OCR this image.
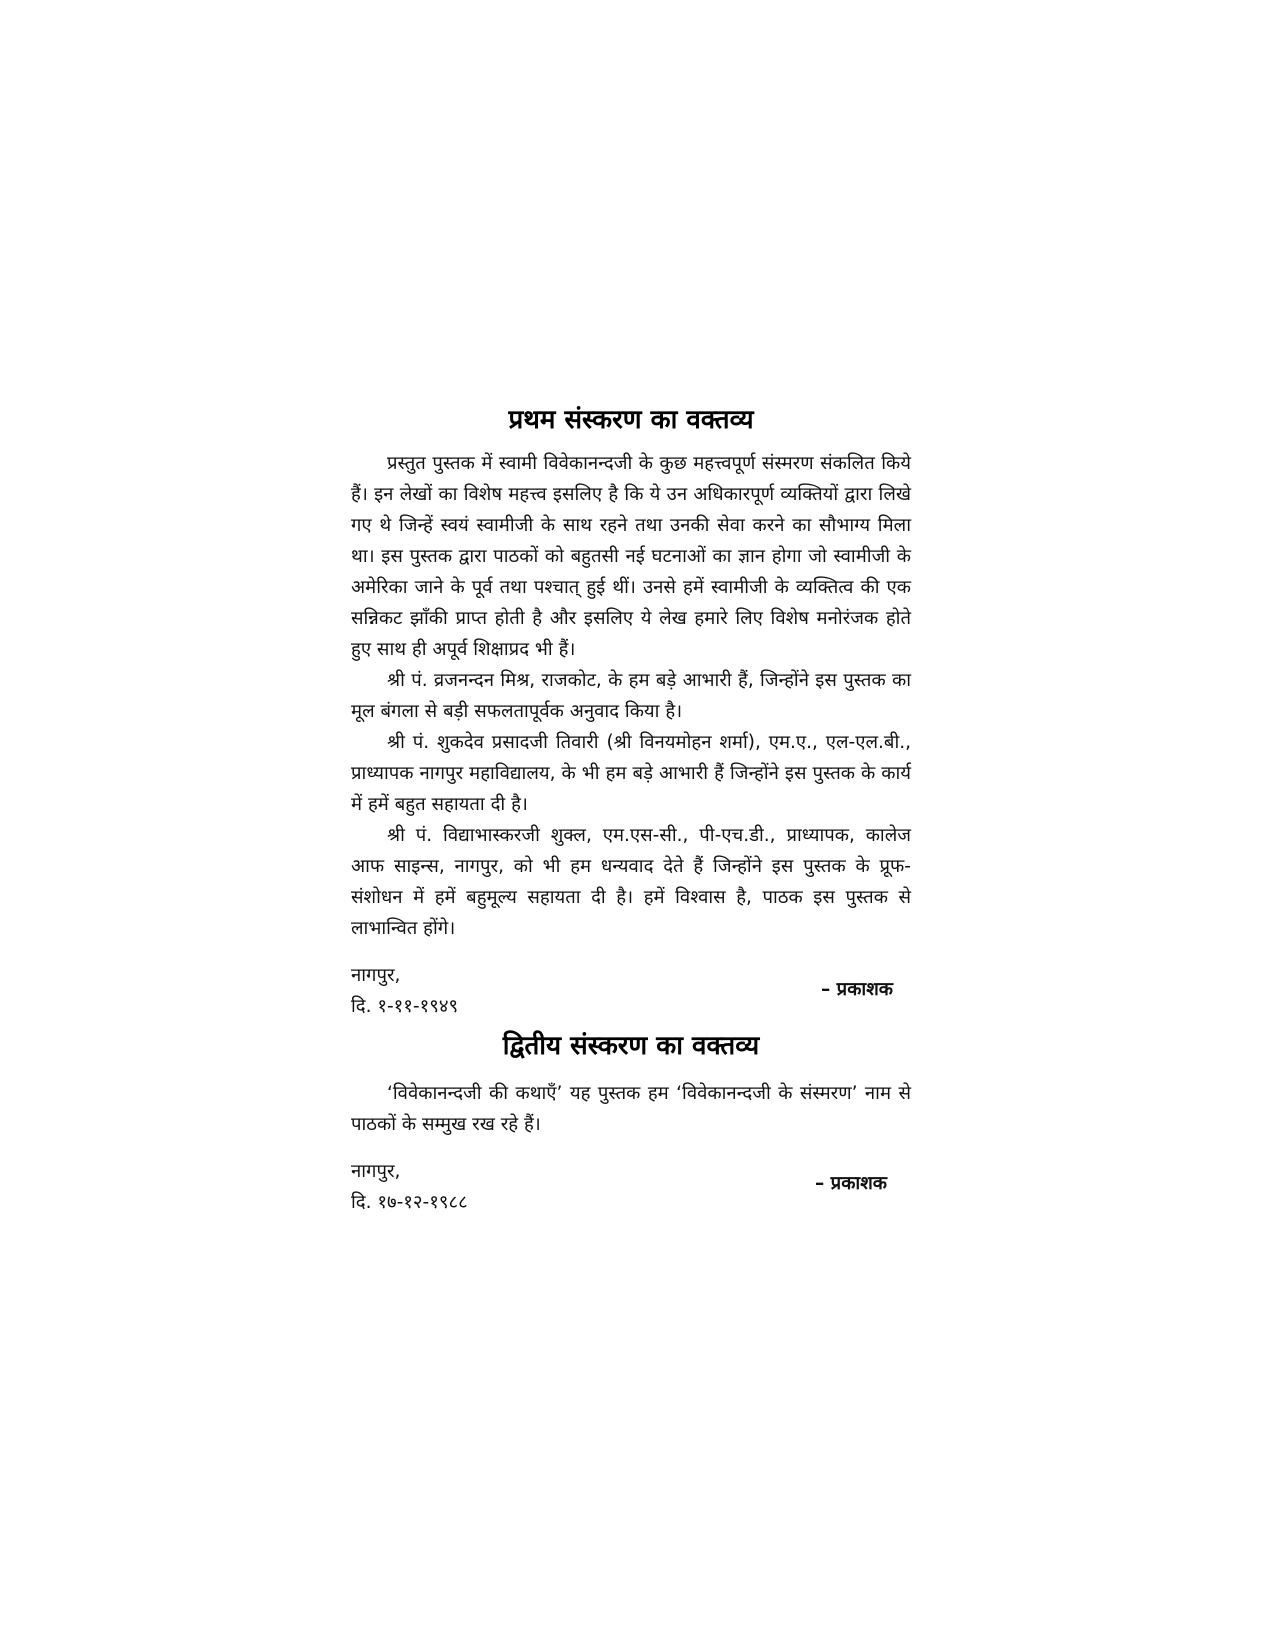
प्रथम संस्करण का वक्तव्य

प्रस्तुत पुस्तक में स्वामी विवेकानन्दजी के कुछ महत्त्वपूर्ण संस्मरण संकलित किये हैं। इन लेखों का विशेष महत्त्व इसलिए है कि ये उन अधिकारपूर्ण व्यक्तियों द्वारा लिखे गए थे जिन्हें स्वयं स्वामीजी के साथ रहने तथा उनकी सेवा करने का सौभाग्य मिला था। इस पुस्तक द्वारा पाठकों को बहुतसी नई घटनाओं का ज्ञान होगा जो स्वामीजी के अमेरिका जाने के पूर्व तथा पश्चात् हुई थीं। उनसे हमें स्वामीजी के व्यक्तित्व की एक सन्निकट झाँकी प्राप्त होती है और इसलिए ये लेख हमारे लिए विशेष मनोरंजक होते हुए साथ ही अपूर्व शिक्षाप्रद भी हैं।

श्री पं. व्रजनन्दन मिश्र, राजकोट, के हम बड़े आभारी हैं, जिन्होंने इस पुस्तक का मूल बंगला से बड़ी सफलतापूर्वक अनुवाद किया है।

श्री पं. शुकदेव प्रसादजी तिवारी (श्री विनयमोहन शर्मा), एम.ए., एल-एल.बी., प्राध्यापक नागपुर महाविद्यालय, के भी हम बड़े आभारी हैं जिन्होंने इस पुस्तक के कार्य में हमें बहुत सहायता दी है।

श्री पं. विद्याभास्करजी शुक्ल, एम.एस-सी., पी-एच.डी., प्राध्यापक, कालेज आफ साइन्स, नागपुर, को भी हम धन्यवाद देते हैं जिन्होंने इस पुस्तक के प्रूफ-संशोधन में हमें बहुमूल्य सहायता दी है। हमें विश्वास है, पाठक इस पुस्तक से लाभान्वित होंगे।

नागपुर,
दि. १-११-१९४९
– प्रकाशक
द्वितीय संस्करण का वक्तव्य

‘विवेकानन्दजी की कथाएँ’ यह पुस्तक हम ‘विवेकानन्दजी के संस्मरण’ नाम से पाठकों के सम्मुख रख रहे हैं।

नागपुर,
दि. १७-१२-१९८८
– प्रकाशक
